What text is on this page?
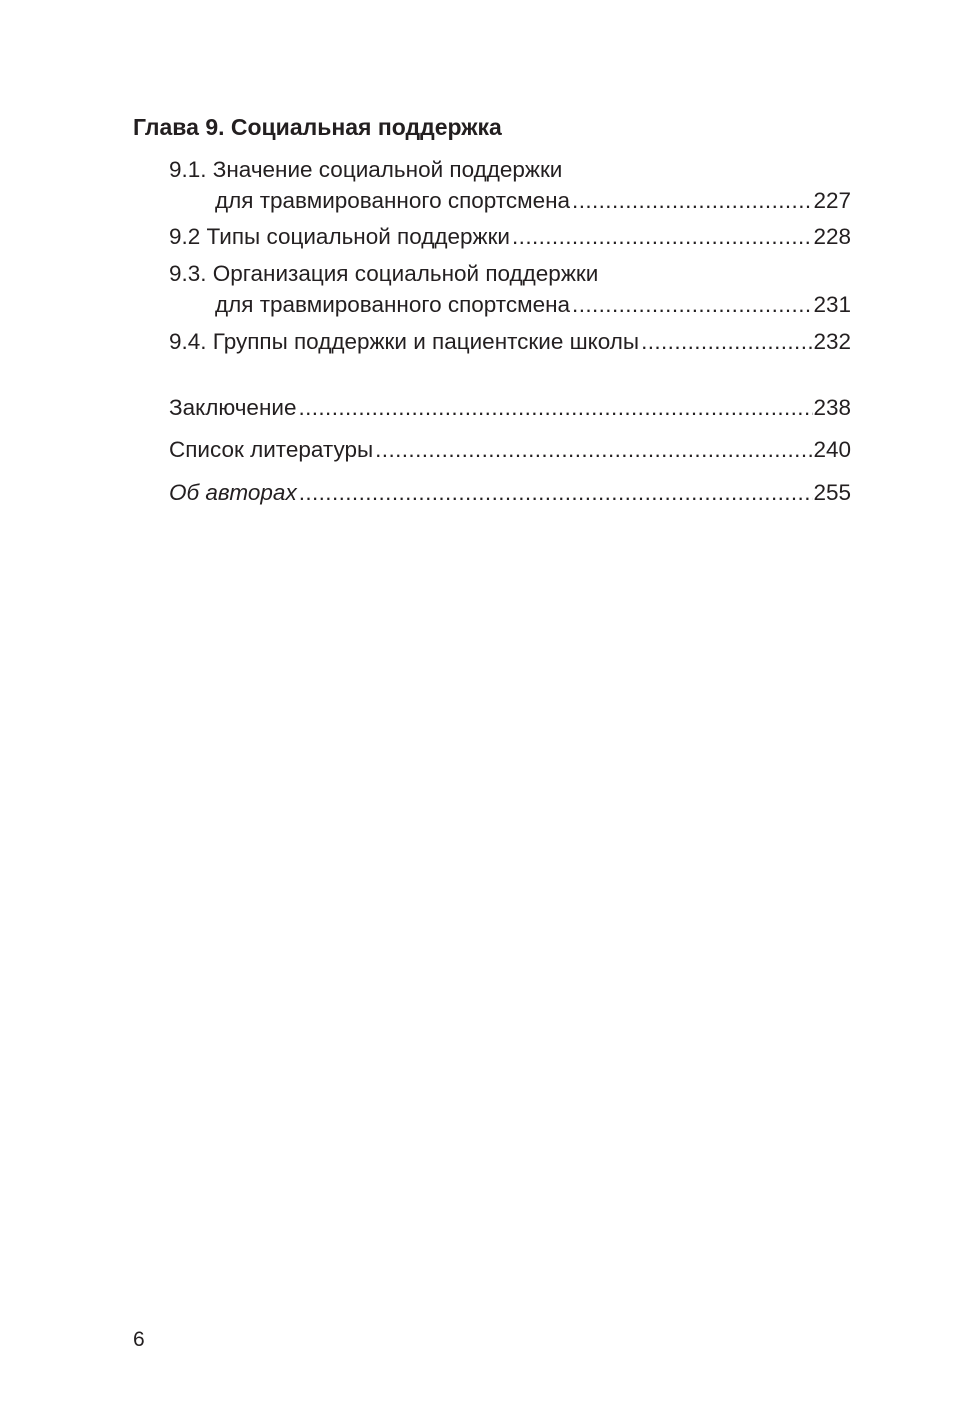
Глава 9. Социальная поддержка
9.1. Значение социальной поддержки
для травмированного спортсмена .....	227
9.2 Типы социальной поддержки .....	228
9.3. Организация социальной поддержки
для травмированного спортсмена .....	231
9.4. Группы поддержки и пациентские школы .....	232
Заключение .....	238
Список литературы .....	240
Об авторах .....	255
6
